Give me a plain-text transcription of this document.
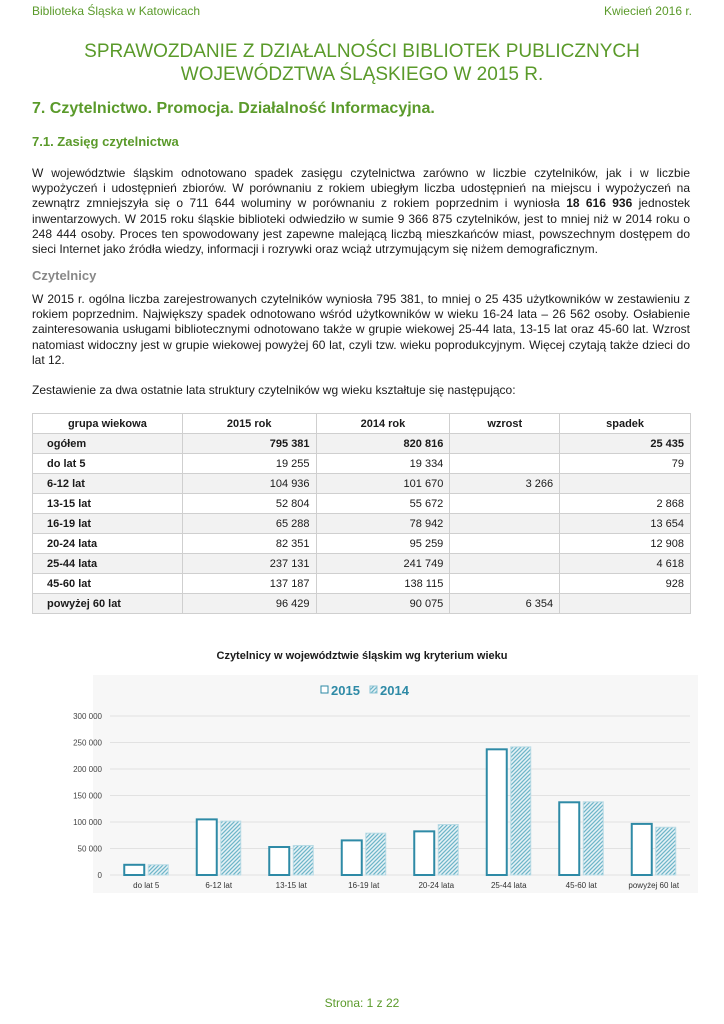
Biblioteka Śląska w Katowicach	Kwiecień 2016 r.
SPRAWOZDANIE Z DZIAŁALNOŚCI BIBLIOTEK PUBLICZNYCH
WOJEWÓDZTWA ŚLĄSKIEGO W 2015 R.
7. Czytelnictwo. Promocja. Działalność Informacyjna.
7.1. Zasięg czytelnictwa

W województwie śląskim odnotowano spadek zasięgu czytelnictwa zarówno w liczbie czytelników, jak i w liczbie wypożyczeń i udostępnień zbiorów. W porównaniu z rokiem ubiegłym liczba udostępnień na miejscu i wypożyczeń na zewnątrz zmniejszyła się o 711 644 woluminy w porównaniu z rokiem poprzednim i wyniosła 18 616 936 jednostek inwentarzowych. W 2015 roku śląskie biblioteki odwiedziło w sumie 9 366 875 czytelników, jest to mniej niż w 2014 roku o 248 444 osoby. Proces ten spowodowany jest zapewne malejącą liczbą mieszkańców miast, powszechnym dostępem do sieci Internet jako źródła wiedzy, informacji i rozrywki oraz wciąż utrzymującym się niżem demograficznym.

Czytelnicy

W 2015 r. ogólna liczba zarejestrowanych czytelników wyniosła 795 381, to mniej o 25 435 użytkowników w zestawieniu z rokiem poprzednim. Największy spadek odnotowano wśród użytkowników w wieku 16-24 lata – 26 562 osoby. Osłabienie zainteresowania usługami bibliotecznymi odnotowano także w grupie wiekowej 25-44 lata, 13-15 lat oraz 45-60 lat. Wzrost natomiast widoczny jest w grupie wiekowej powyżej 60 lat, czyli tzw. wieku poprodukcyjnym. Więcej czytają także dzieci do lat 12.

Zestawienie za dwa ostatnie lata struktury czytelników wg wieku kształtuje się następująco:

grupa wiekowa	2015 rok	2014 rok	wzrost	spadek
ogółem	795 381	820 816		25 435
do lat 5	19 255	19 334		79
6-12 lat	104 936	101 670	3 266	
13-15 lat	52 804	55 672		2 868
16-19 lat	65 288	78 942		13 654
20-24 lata	82 351	95 259		12 908
25-44 lata	237 131	241 749		4 618
45-60 lat	137 187	138 115		928
powyżej 60 lat	96 429	90 075	6 354	
Czytelnicy w województwie śląskim wg kryterium wieku
0
50 000
100 000
150 000
200 000
250 000
300 000
do lat 5	6-12 lat	13-15 lat	16-19 lat	20-24 lata	25-44 lata	45-60 lat	powyżej 60 lat
2015 2014
Strona: 1 z 22
